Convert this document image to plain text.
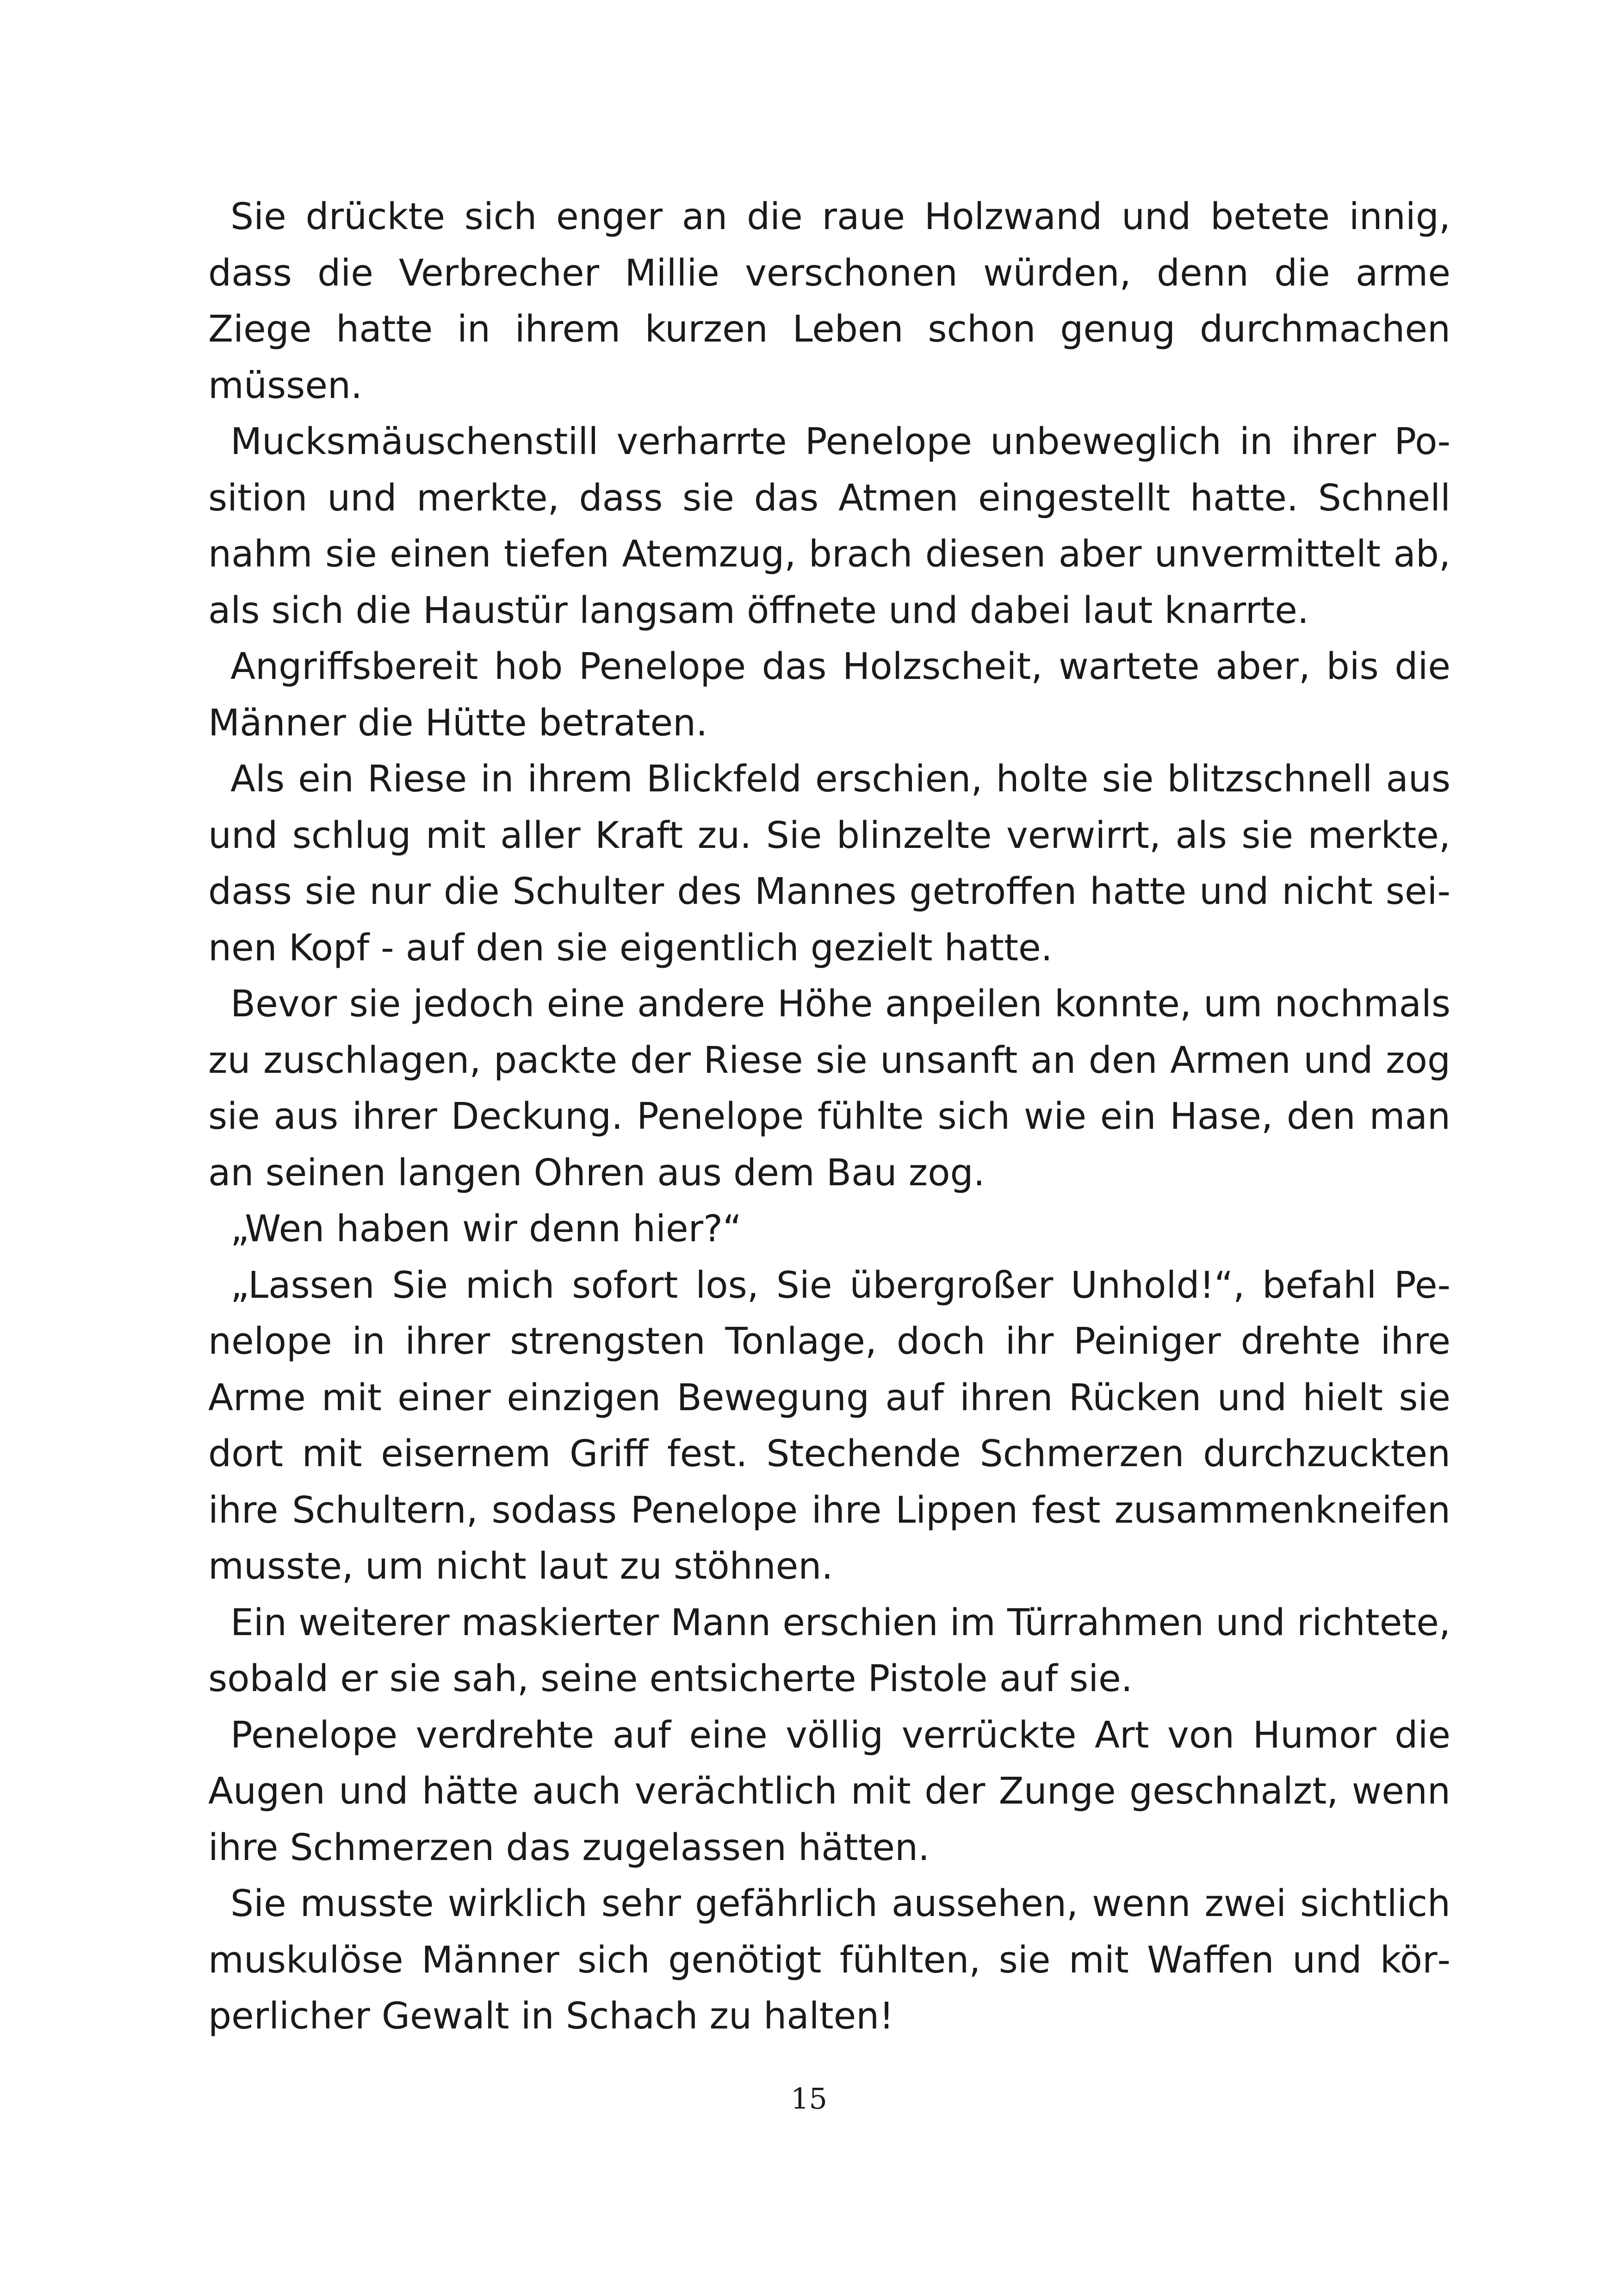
Sie drückte sich enger an die raue Holzwand und betete innig, dass die Verbrecher Millie verschonen würden, denn die arme Ziege hatte in ihrem kurzen Leben schon genug durchmachen müssen.

Mucksmäuschenstill verharrte Penelope unbeweglich in ihrer Position und merkte, dass sie das Atmen eingestellt hatte. Schnell nahm sie einen tiefen Atemzug, brach diesen aber unvermittelt ab, als sich die Haustür langsam öffnete und dabei laut knarrte.

Angriffsbereit hob Penelope das Holzscheit, wartete aber, bis die Männer die Hütte betraten.

Als ein Riese in ihrem Blickfeld erschien, holte sie blitzschnell aus und schlug mit aller Kraft zu. Sie blinzelte verwirrt, als sie merkte, dass sie nur die Schulter des Mannes getroffen hatte und nicht seinen Kopf - auf den sie eigentlich gezielt hatte.

Bevor sie jedoch eine andere Höhe anpeilen konnte, um nochmals zu zuschlagen, packte der Riese sie unsanft an den Armen und zog sie aus ihrer Deckung. Penelope fühlte sich wie ein Hase, den man an seinen langen Ohren aus dem Bau zog.

„Wen haben wir denn hier?“

„Lassen Sie mich sofort los, Sie übergroßer Unhold!“, befahl Penelope in ihrer strengsten Tonlage, doch ihr Peiniger drehte ihre Arme mit einer einzigen Bewegung auf ihren Rücken und hielt sie dort mit eisernem Griff fest. Stechende Schmerzen durchzuckten ihre Schultern, sodass Penelope ihre Lippen fest zusammenkneifen musste, um nicht laut zu stöhnen.

Ein weiterer maskierter Mann erschien im Türrahmen und richtete, sobald er sie sah, seine entsicherte Pistole auf sie.

Penelope verdrehte auf eine völlig verrückte Art von Humor die Augen und hätte auch verächtlich mit der Zunge geschnalzt, wenn ihre Schmerzen das zugelassen hätten.

Sie musste wirklich sehr gefährlich aussehen, wenn zwei sichtlich muskulöse Männer sich genötigt fühlten, sie mit Waffen und körperlicher Gewalt in Schach zu halten!

15
